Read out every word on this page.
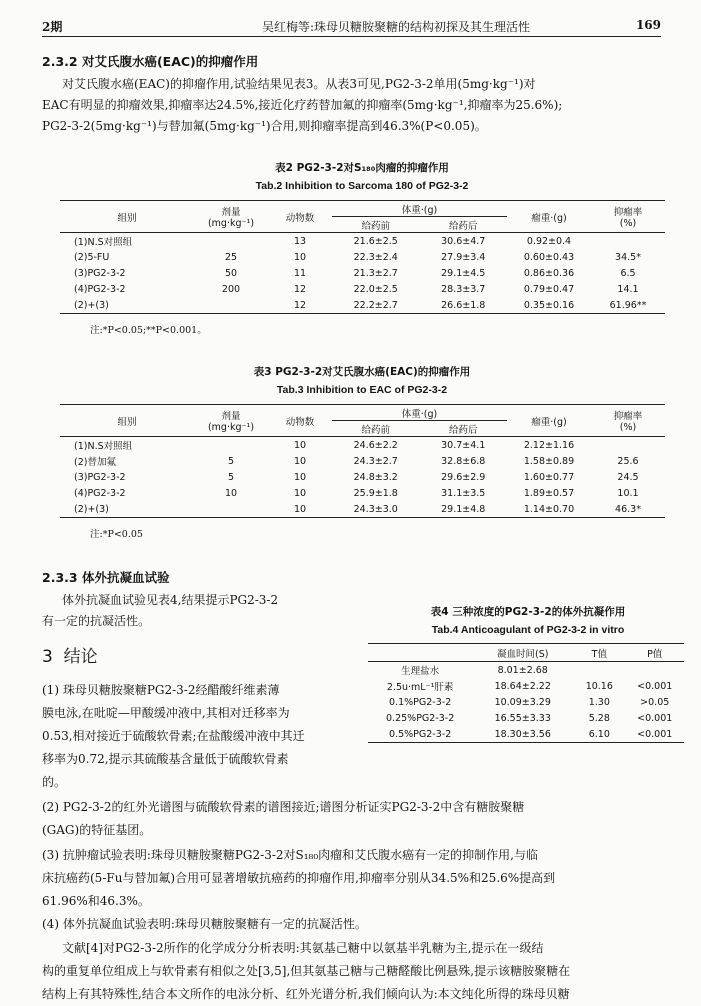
2期	吴红梅等:珠母贝糖胺聚糖的结构初探及其生理活性	169
2.3.2 对艾氏腹水癌(EAC)的抑瘤作用

对艾氏腹水癌(EAC)的抑瘤作用,试验结果见表3。从表3可见,PG2-3-2单用(5mg·kg⁻¹)对

EAC有明显的抑瘤效果,抑瘤率达24.5%,接近化疗药替加氟的抑瘤率(5mg·kg⁻¹,抑瘤率为25.6%);

PG2-3-2(5mg·kg⁻¹)与替加氟(5mg·kg⁻¹)合用,则抑瘤率提高到46.3%(P<0.05)。

表2 PG2-3-2对S₁₈₀肉瘤的抑瘤作用
Tab.2 Inhibition to Sarcoma 180 of PG2-3-2
组别	剂量
(mg·kg⁻¹)	动物数	体重·(g)		瘤重·(g)	抑瘤率
(%)
			给药前	给药后		
(1)N.S对照组		13	21.6±2.5	30.6±4.7	0.92±0.4	
(2)5-FU	25	10	22.3±2.4	27.9±3.4	0.60±0.43	34.5*
(3)PG2-3-2	50	11	21.3±2.7	29.1±4.5	0.86±0.36	6.5
(4)PG2-3-2	200	12	22.0±2.5	28.3±3.7	0.79±0.47	14.1
(2)+(3)		12	22.2±2.7	26.6±1.8	0.35±0.16	61.96**
注:*P<0.05;**P<0.001。
表3 PG2-3-2对艾氏腹水癌(EAC)的抑瘤作用
Tab.3 Inhibition to EAC of PG2-3-2
组别	剂量
(mg·kg⁻¹)	动物数	体重·(g)		瘤重·(g)	抑瘤率
(%)
			给药前	给药后		
(1)N.S对照组		10	24.6±2.2	30.7±4.1	2.12±1.16	
(2)替加氟	5	10	24.3±2.7	32.8±6.8	1.58±0.89	25.6
(3)PG2-3-2	5	10	24.8±3.2	29.6±2.9	1.60±0.77	24.5
(4)PG2-3-2	10	10	25.9±1.8	31.1±3.5	1.89±0.57	10.1
(2)+(3)		10	24.3±3.0	29.1±4.8	1.14±0.70	46.3*
注:*P<0.05
2.3.3 体外抗凝血试验

体外抗凝血试验见表4,结果提示PG2-3-2

有一定的抗凝活性。

表4 三种浓度的PG2-3-2的体外抗凝作用
Tab.4 Anticoagulant of PG2-3-2 in vitro
	凝血时间(S)	T值	P值
生理盐水	8.01±2.68		
2.5u·mL⁻¹肝素	18.64±2.22	10.16	<0.001
0.1%PG2-3-2	10.09±3.29	1.30	>0.05
0.25%PG2-3-2	16.55±3.33	5.28	<0.001
0.5%PG2-3-2	18.30±3.56	6.10	<0.001
3 结论

(1) 珠母贝糖胺聚糖PG2-3-2经醋酸纤维素薄

膜电泳,在吡啶—甲酸缓冲液中,其相对迁移率为

0.53,相对接近于硫酸软骨素;在盐酸缓冲液中其迁

移率为0.72,提示其硫酸基含量低于硫酸软骨素

的。

(2) PG2-3-2的红外光谱图与硫酸软骨素的谱图接近;谱图分析证实PG2-3-2中含有糖胺聚糖

(GAG)的特征基团。

(3) 抗肿瘤试验表明:珠母贝糖胺聚糖PG2-3-2对S₁₈₀肉瘤和艾氏腹水癌有一定的抑制作用,与临

床抗癌药(5-Fu与替加氟)合用可显著增敏抗癌药的抑瘤作用,抑瘤率分别从34.5%和25.6%提高到

61.96%和46.3%。

(4) 体外抗凝血试验表明:珠母贝糖胺聚糖有一定的抗凝活性。

文献[4]对PG2-3-2所作的化学成分分析表明:其氨基己糖中以氨基半乳糖为主,提示在一级结

构的重复单位组成上与软骨素有相似之处[3,5],但其氨基己糖与己糖醛酸比例悬殊,提示该糖胺聚糖在

结构上有其特殊性,结合本文所作的电泳分析、红外光谱分析,我们倾向认为:本文纯化所得的珠母贝糖
